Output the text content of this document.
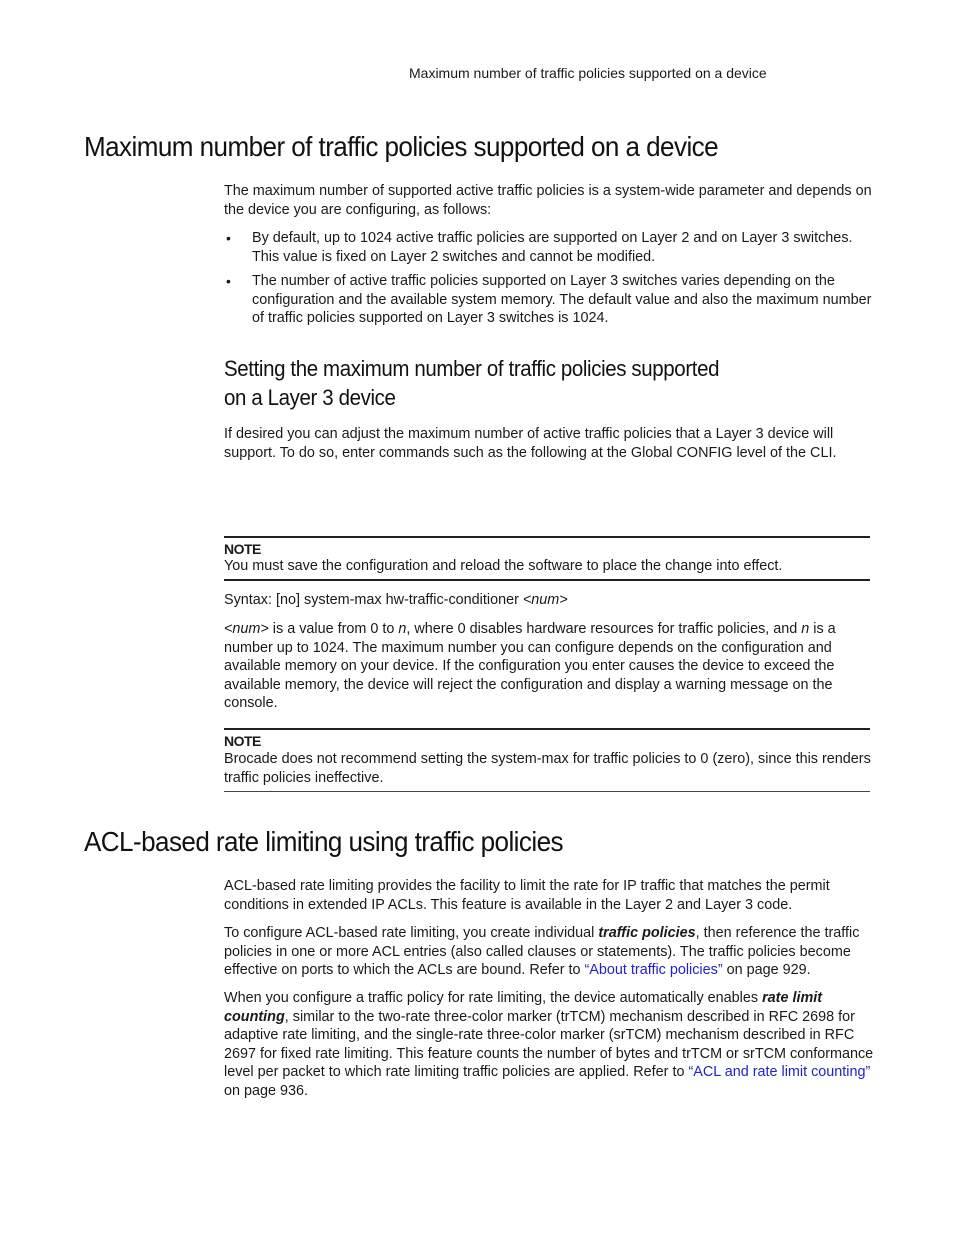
Maximum number of traffic policies supported on a device
Maximum number of traffic policies supported on a device
The maximum number of supported active traffic policies is a system-wide parameter and depends on the device you are configuring, as follows:
• By default, up to 1024 active traffic policies are supported on Layer 2 and on Layer 3 switches. This value is fixed on Layer 2 switches and cannot be modified.
• The number of active traffic policies supported on Layer 3 switches varies depending on the configuration and the available system memory. The default value and also the maximum number of traffic policies supported on Layer 3 switches is 1024.
Setting the maximum number of traffic policies supported
on a Layer 3 device
If desired you can adjust the maximum number of active traffic policies that a Layer 3 device will support. To do so, enter commands such as the following at the Global CONFIG level of the CLI.
NOTE
You must save the configuration and reload the software to place the change into effect.
Syntax: [no] system-max hw-traffic-conditioner <num>
<num> is a value from 0 to n, where 0 disables hardware resources for traffic policies, and n is a number up to 1024. The maximum number you can configure depends on the configuration and available memory on your device. If the configuration you enter causes the device to exceed the available memory, the device will reject the configuration and display a warning message on the console.
NOTE
Brocade does not recommend setting the system-max for traffic policies to 0 (zero), since this renders traffic policies ineffective.
ACL-based rate limiting using traffic policies
ACL-based rate limiting provides the facility to limit the rate for IP traffic that matches the permit conditions in extended IP ACLs. This feature is available in the Layer 2 and Layer 3 code.
To configure ACL-based rate limiting, you create individual traffic policies, then reference the traffic policies in one or more ACL entries (also called clauses or statements). The traffic policies become effective on ports to which the ACLs are bound. Refer to “About traffic policies” on page 929.
When you configure a traffic policy for rate limiting, the device automatically enables rate limit counting, similar to the two-rate three-color marker (trTCM) mechanism described in RFC 2698 for adaptive rate limiting, and the single-rate three-color marker (srTCM) mechanism described in RFC 2697 for fixed rate limiting. This feature counts the number of bytes and trTCM or srTCM conformance level per packet to which rate limiting traffic policies are applied. Refer to “ACL and rate limit counting” on page 936.
